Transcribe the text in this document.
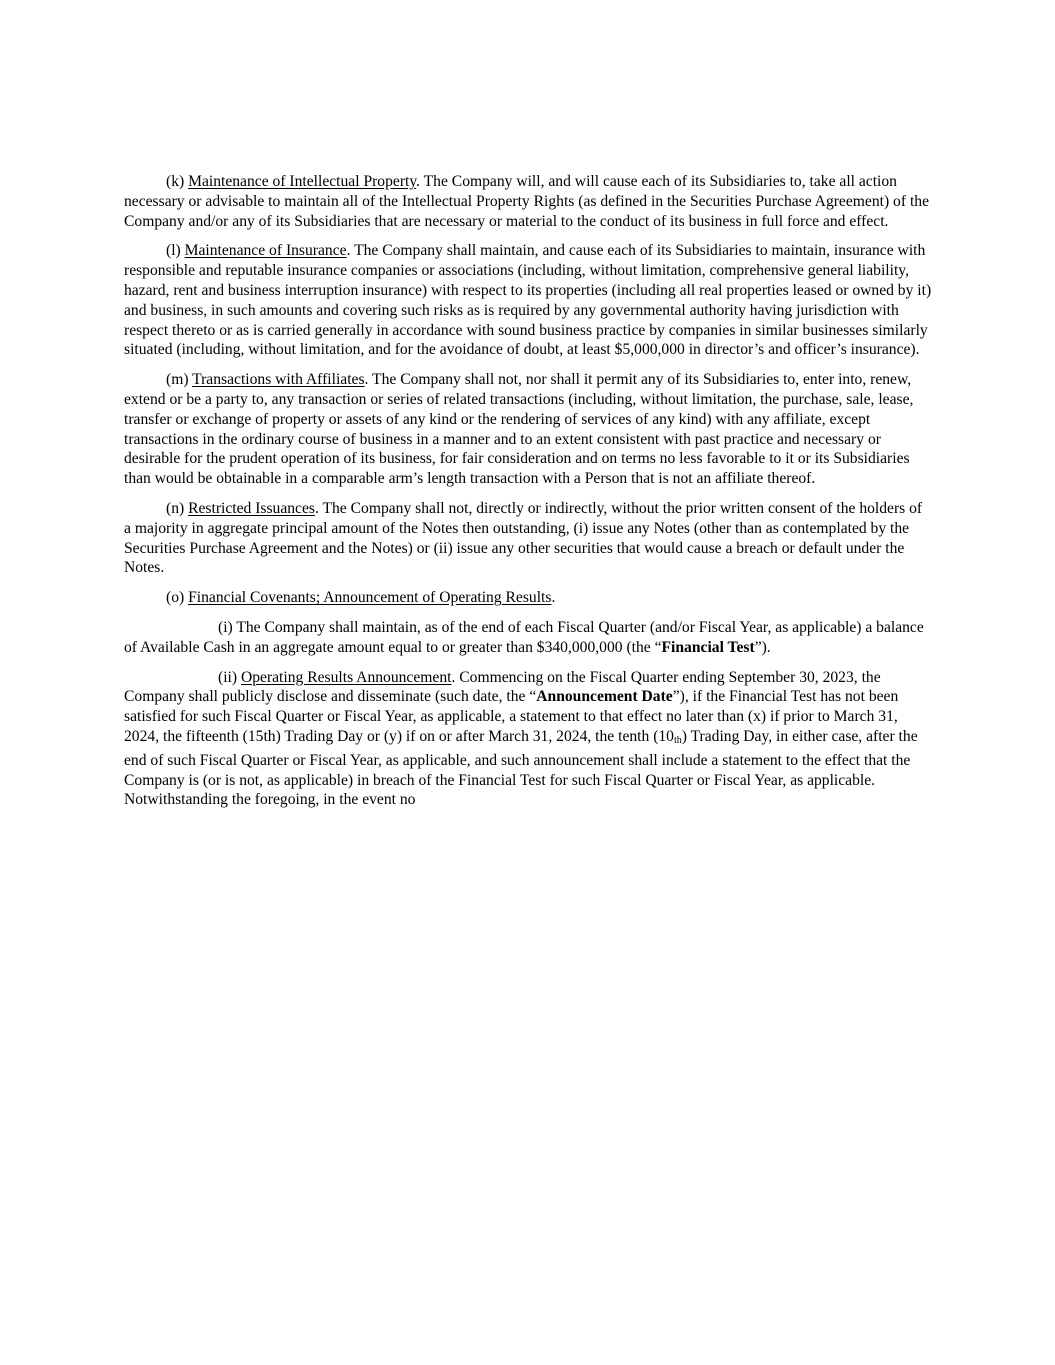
(k) Maintenance of Intellectual Property. The Company will, and will cause each of its Subsidiaries to, take all action necessary or advisable to maintain all of the Intellectual Property Rights (as defined in the Securities Purchase Agreement) of the Company and/or any of its Subsidiaries that are necessary or material to the conduct of its business in full force and effect.

(l) Maintenance of Insurance. The Company shall maintain, and cause each of its Subsidiaries to maintain, insurance with responsible and reputable insurance companies or associations (including, without limitation, comprehensive general liability, hazard, rent and business interruption insurance) with respect to its properties (including all real properties leased or owned by it) and business, in such amounts and covering such risks as is required by any governmental authority having jurisdiction with respect thereto or as is carried generally in accordance with sound business practice by companies in similar businesses similarly situated (including, without limitation, and for the avoidance of doubt, at least $5,000,000 in director’s and officer’s insurance).

(m) Transactions with Affiliates. The Company shall not, nor shall it permit any of its Subsidiaries to, enter into, renew, extend or be a party to, any transaction or series of related transactions (including, without limitation, the purchase, sale, lease, transfer or exchange of property or assets of any kind or the rendering of services of any kind) with any affiliate, except transactions in the ordinary course of business in a manner and to an extent consistent with past practice and necessary or desirable for the prudent operation of its business, for fair consideration and on terms no less favorable to it or its Subsidiaries than would be obtainable in a comparable arm’s length transaction with a Person that is not an affiliate thereof.

(n) Restricted Issuances. The Company shall not, directly or indirectly, without the prior written consent of the holders of a majority in aggregate principal amount of the Notes then outstanding, (i) issue any Notes (other than as contemplated by the Securities Purchase Agreement and the Notes) or (ii) issue any other securities that would cause a breach or default under the Notes.

(o) Financial Covenants; Announcement of Operating Results.

(i) The Company shall maintain, as of the end of each Fiscal Quarter (and/or Fiscal Year, as applicable) a balance of Available Cash in an aggregate amount equal to or greater than $340,000,000 (the “Financial Test”).

(ii) Operating Results Announcement. Commencing on the Fiscal Quarter ending September 30, 2023, the Company shall publicly disclose and disseminate (such date, the “Announcement Date”), if the Financial Test has not been satisfied for such Fiscal Quarter or Fiscal Year, as applicable, a statement to that effect no later than (x) if prior to March 31, 2024, the fifteenth (15th) Trading Day or (y) if on or after March 31, 2024, the tenth $(10_{th})$ Trading Day, in either case, after the end of such Fiscal Quarter or Fiscal Year, as applicable, and such announcement shall include a statement to the effect that the Company is (or is not, as applicable) in breach of the Financial Test for such Fiscal Quarter or Fiscal Year, as applicable. Notwithstanding the foregoing, in the event no
